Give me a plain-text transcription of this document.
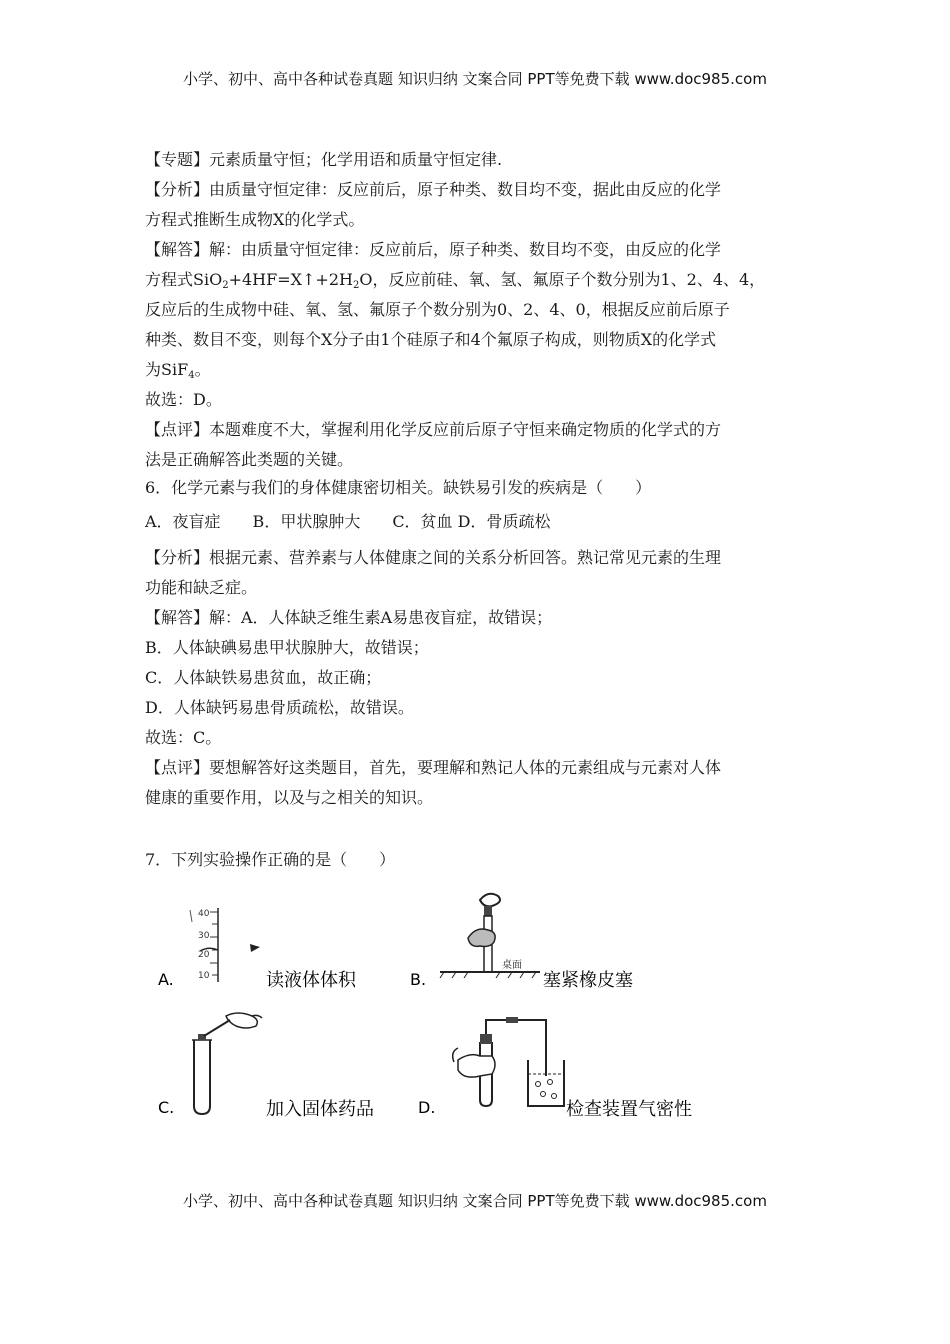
小学、初中、高中各种试卷真题 知识归纳 文案合同 PPT等免费下载 www.doc985.com
【专题】元素质量守恒；化学用语和质量守恒定律.
【分析】由质量守恒定律：反应前后，原子种类、数目均不变，据此由反应的化学
方程式推断生成物X的化学式。
【解答】解：由质量守恒定律：反应前后，原子种类、数目均不变，由反应的化学
方程式$SiO_2+4HF=X↑+2H_2O$，反应前硅、氧、氢、氟原子个数分别为1、2、4、4，
反应后的生成物中硅、氧、氢、氟原子个数分别为0、2、4、0，根据反应前后原子
种类、数目不变，则每个X分子由1个硅原子和4个氟原子构成，则物质X的化学式
为SiF$_4$。
故选：D。
【点评】本题难度不大，掌握利用化学反应前后原子守恒来确定物质的化学式的方
法是正确解答此类题的关键。
6．化学元素与我们的身体健康密切相关。缺铁易引发的疾病是（　　）
A．夜盲症　　B．甲状腺肿大　　C．贫血 D．骨质疏松
【分析】根据元素、营养素与人体健康之间的关系分析回答。熟记常见元素的生理
功能和缺乏症。
【解答】解：A．人体缺乏维生素A易患夜盲症，故错误；
B．人体缺碘易患甲状腺肿大，故错误；
C．人体缺铁易患贫血，故正确；
D．人体缺钙易患骨质疏松，故错误。
故选：C。
【点评】要想解答好这类题目，首先，要理解和熟记人体的元素组成与元素对人体
健康的重要作用，以及与之相关的知识。
7．下列实验操作正确的是（　　）
40
30
20
10
A.	读液体体积
桌面
B.	塞紧橡皮塞
C.	加入固体药品	D.	检查装置气密性
小学、初中、高中各种试卷真题 知识归纳 文案合同 PPT等免费下载 www.doc985.com
